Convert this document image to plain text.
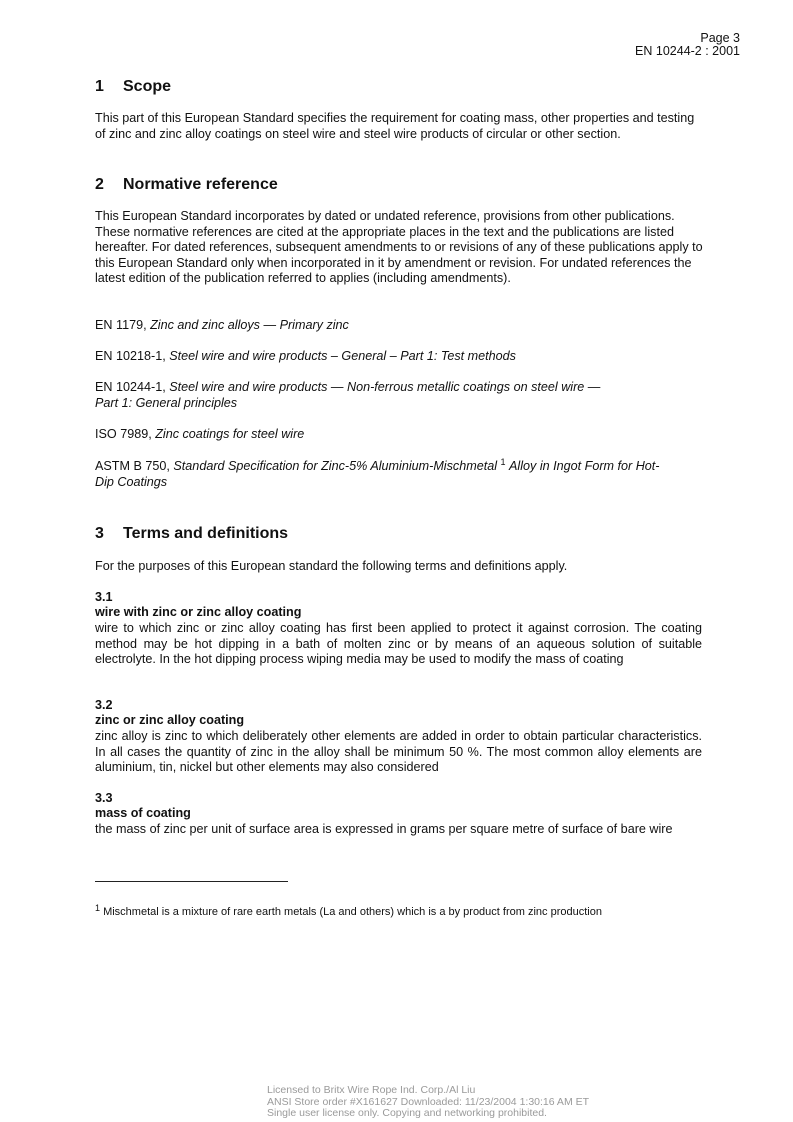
Page 3
EN 10244-2 : 2001
1 Scope
This part of this European Standard specifies the requirement for coating mass, other properties and testing of zinc and zinc alloy coatings on steel wire and steel wire products of circular or other section.
2 Normative reference
This European Standard incorporates by dated or undated reference, provisions from other publications. These normative references are cited at the appropriate places in the text and the publications are listed hereafter. For dated references, subsequent amendments to or revisions of any of these publications apply to this European Standard only when incorporated in it by amendment or revision. For undated references the latest edition of the publication referred to applies (including amendments).
EN 1179, Zinc and zinc alloys — Primary zinc
EN 10218-1, Steel wire and wire products – General – Part 1: Test methods
EN 10244-1, Steel wire and wire products — Non-ferrous metallic coatings on steel wire —
Part 1: General principles
ISO 7989, Zinc coatings for steel wire
ASTM B 750, Standard Specification for Zinc-5% Aluminium-Mischmetal $^1$ Alloy in Ingot Form for Hot-
Dip Coatings
3 Terms and definitions
For the purposes of this European standard the following terms and definitions apply.
3.1
wire with zinc or zinc alloy coating
wire to which zinc or zinc alloy coating has first been applied to protect it against corrosion. The coating method may be hot dipping in a bath of molten zinc or by means of an aqueous solution of suitable electrolyte. In the hot dipping process wiping media may be used to modify the mass of coating
3.2
zinc or zinc alloy coating
zinc alloy is zinc to which deliberately other elements are added in order to obtain particular characteristics. In all cases the quantity of zinc in the alloy shall be minimum 50 %. The most common alloy elements are aluminium, tin, nickel but other elements may also considered
3.3
mass of coating
the mass of zinc per unit of surface area is expressed in grams per square metre of surface of bare wire
$^1$ Mischmetal is a mixture of rare earth metals (La and others) which is a by product from zinc production
Licensed to Britx Wire Rope Ind. Corp./Al Liu
ANSI Store order #X161627 Downloaded: 11/23/2004 1:30:16 AM ET
Single user license only. Copying and networking prohibited.
